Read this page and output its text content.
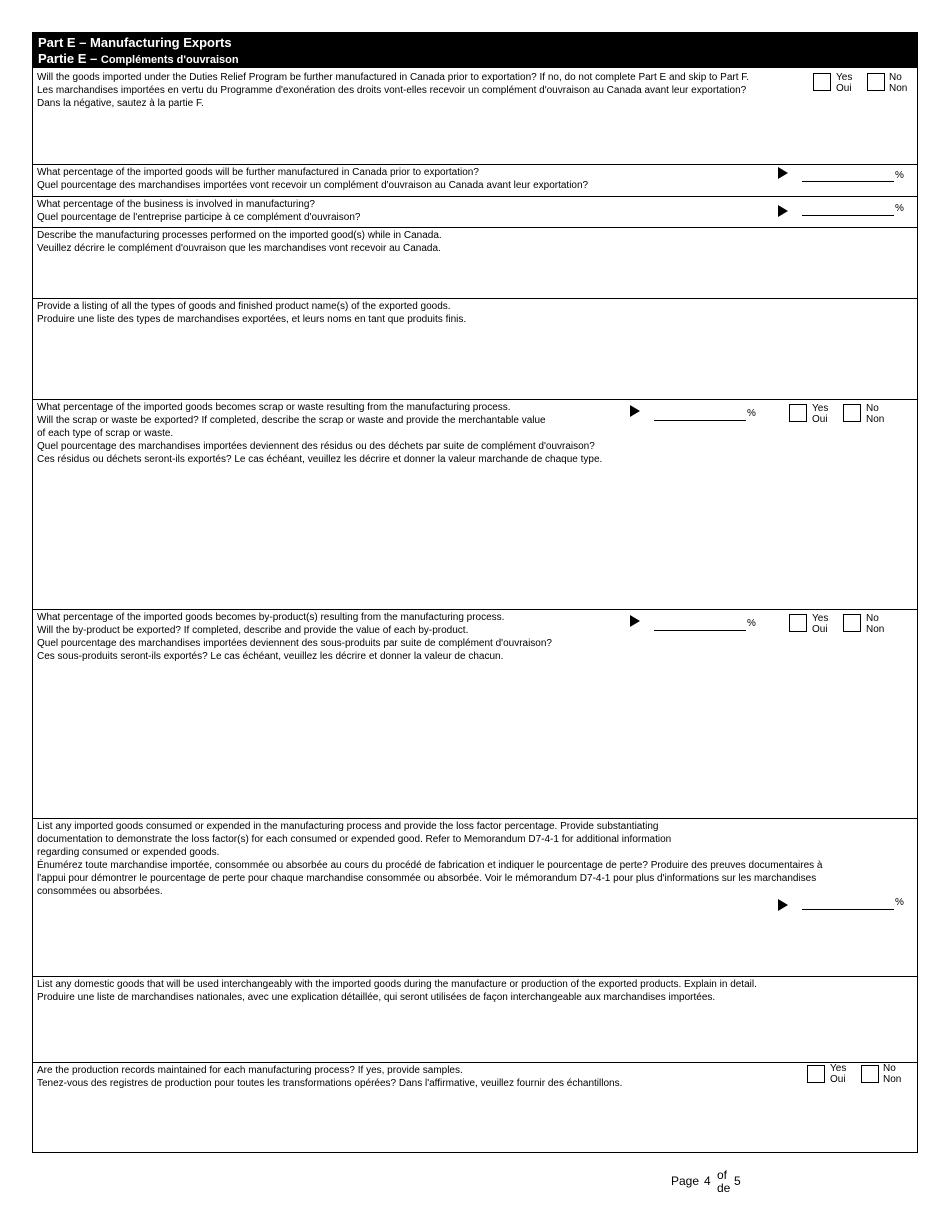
Part E – Manufacturing Exports
Partie E – Compléments d'ouvraison
Will the goods imported under the Duties Relief Program be further manufactured in Canada prior to exportation? If no, do not complete Part E and skip to Part F.
Les marchandises importées en vertu du Programme d'exonération des droits vont-elles recevoir un complément d'ouvraison au Canada avant leur exportation?
Dans la négative, sautez à la partie F.
Yes
Oui
No
Non
What percentage of the imported goods will be further manufactured in Canada prior to exportation?
Quel pourcentage des marchandises importées vont recevoir un complément d'ouvraison au Canada avant leur exportation?
%
What percentage of the business is involved in manufacturing?
Quel pourcentage de l'entreprise participe à ce complément d'ouvraison?
%
Describe the manufacturing processes performed on the imported good(s) while in Canada.
Veuillez décrire le complément d'ouvraison que les marchandises vont recevoir au Canada.
Provide a listing of all the types of goods and finished product name(s) of the exported goods.
Produire une liste des types de marchandises exportées, et leurs noms en tant que produits finis.
What percentage of the imported goods becomes scrap or waste resulting from the manufacturing process.
Will the scrap or waste be exported? If completed, describe the scrap or waste and provide the merchantable value
of each type of scrap or waste.
Quel pourcentage des marchandises importées deviennent des résidus ou des déchets par suite de complément d'ouvraison?
Ces résidus ou déchets seront-ils exportés? Le cas échéant, veuillez les décrire et donner la valeur marchande de chaque type.
%	Yes
Oui
No
Non
What percentage of the imported goods becomes by-product(s) resulting from the manufacturing process.
Will the by-product be exported? If completed, describe and provide the value of each by-product.
Quel pourcentage des marchandises importées deviennent des sous-produits par suite de complément d'ouvraison?
Ces sous-produits seront-ils exportés? Le cas échéant, veuillez les décrire et donner la valeur de chacun.
%	Yes
Oui
No
Non
List any imported goods consumed or expended in the manufacturing process and provide the loss factor percentage. Provide substantiating
documentation to demonstrate the loss factor(s) for each consumed or expended good. Refer to Memorandum D7-4-1 for additional information
regarding consumed or expended goods.
Énumérez toute marchandise importée, consommée ou absorbée au cours du procédé de fabrication et indiquer le pourcentage de perte? Produire des preuves documentaires à
l'appui pour démontrer le pourcentage de perte pour chaque marchandise consommée ou absorbée. Voir le mémorandum D7-4-1 pour plus d'informations sur les marchandises
consommées ou absorbées.
%
List any domestic goods that will be used interchangeably with the imported goods during the manufacture or production of the exported products. Explain in detail.
Produire une liste de marchandises nationales, avec une explication détaillée, qui seront utilisées de façon interchangeable aux marchandises importées.
Are the production records maintained for each manufacturing process? If yes, provide samples.
Tenez-vous des registres de production pour toutes les transformations opérées? Dans l'affirmative, veuillez fournir des échantillons.
Yes
Oui
No
Non
Page 4 of
de 5
